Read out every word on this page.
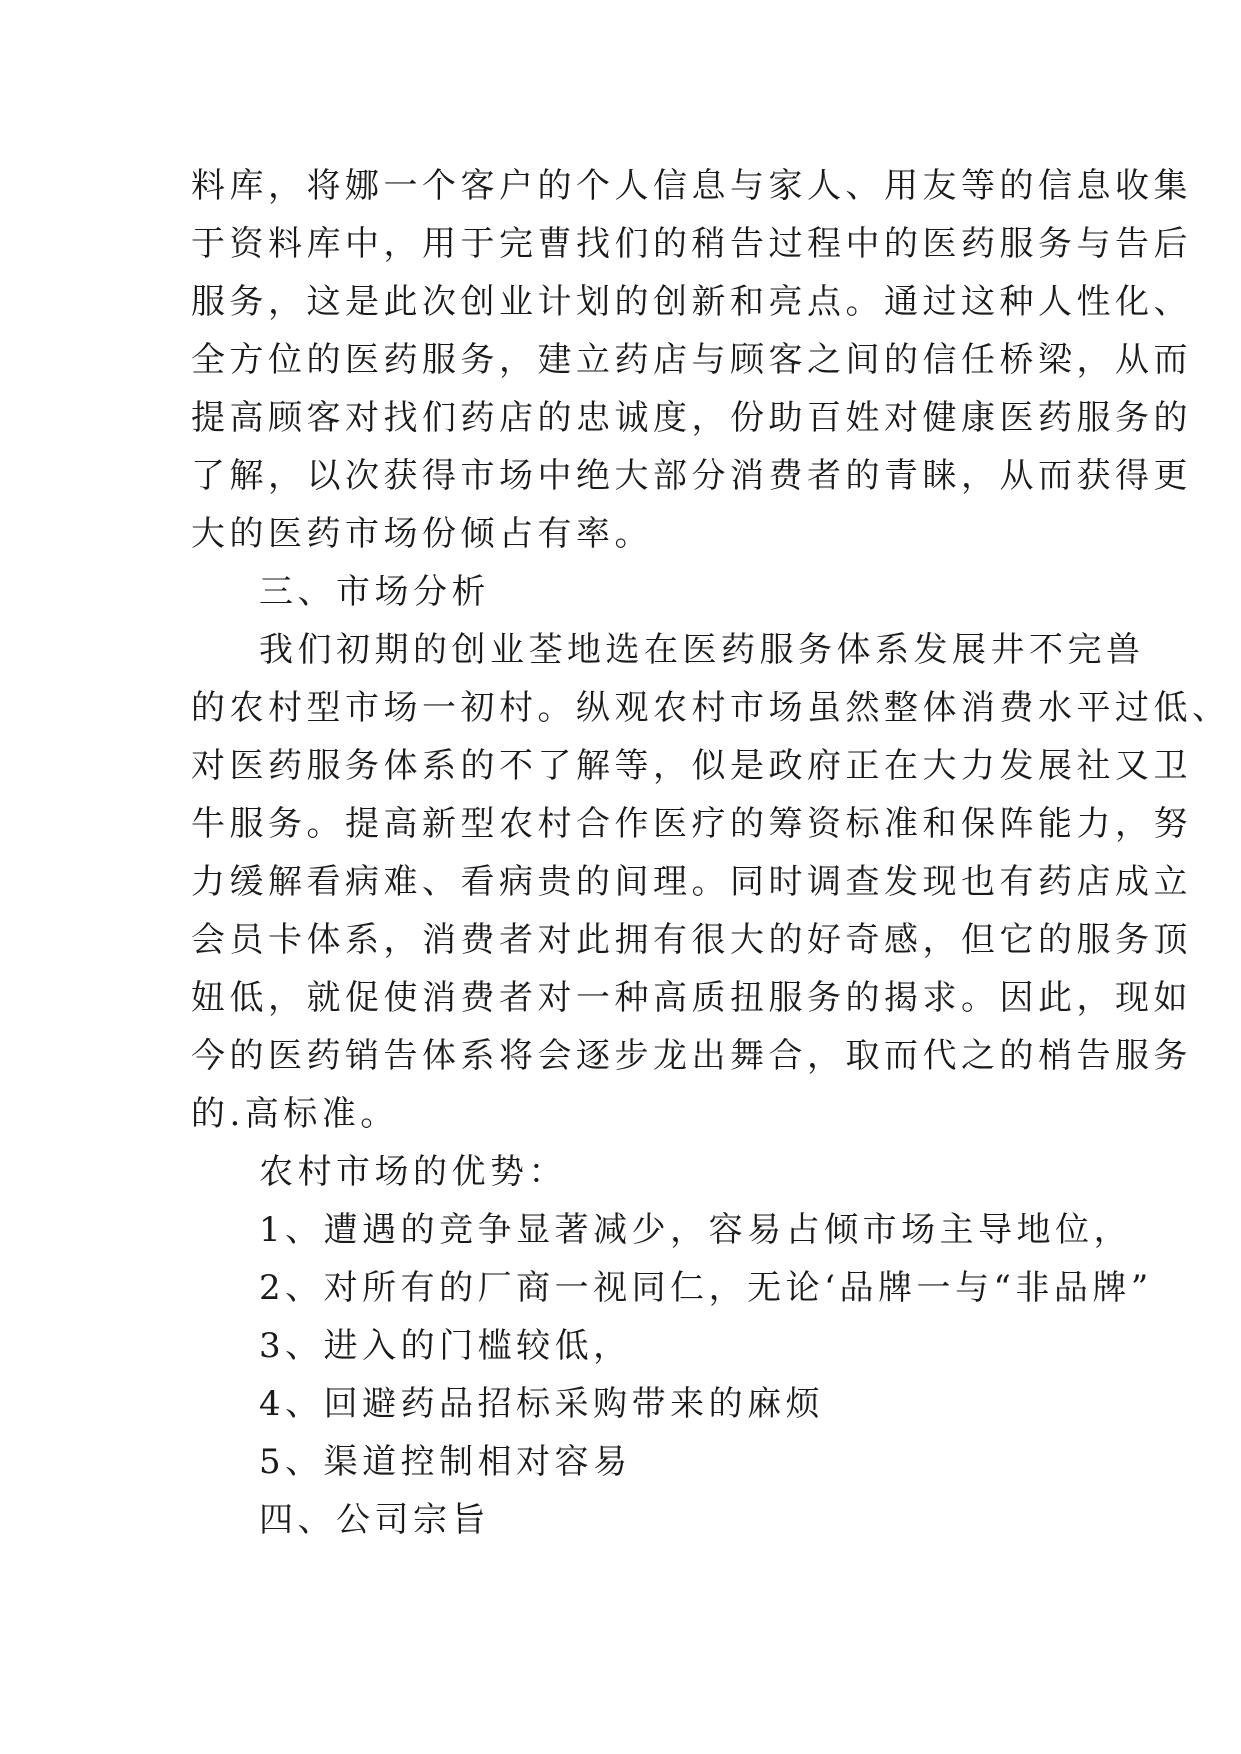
料库，将娜一个客户的个人信息与家人、用友等的信息收集
于资料库中，用于完曹找们的稍告过程中的医药服务与告后
服务，这是此次创业计划的创新和亮点。通过这种人性化、
全方位的医药服务，建立药店与顾客之间的信任桥梁，从而
提高顾客对找们药店的忠诚度，份助百姓对健康医药服务的
了解，以次获得市场中绝大部分消费者的青睐，从而获得更
大的医药市场份倾占有率。
三、市场分析
我们初期的创业荃地选在医药服务体系发展井不完兽
的农村型市场一初村。纵观农村市场虽然整体消费水平过低、
对医药服务体系的不了解等，似是政府正在大力发展社又卫
牛服务。提高新型农村合作医疗的筹资标准和保阵能力，努
力缓解看病难、看病贵的间理。同时调查发现也有药店成立
会员卡体系，消费者对此拥有很大的好奇感，但它的服务顶
妞低，就促使消费者对一种高质扭服务的揭求。因此，现如
今的医药销告体系将会逐步龙出舞合，取而代之的梢告服务
的.高标准。
农村市场的优势：
1、遭遇的竞争显著减少，容易占倾市场主导地位，
2、对所有的厂商一视同仁，无论‘品牌一与“非品牌”
3、进入的门槛较低，
4、回避药品招标采购带来的麻烦
5、渠道控制相对容易
四、公司宗旨
